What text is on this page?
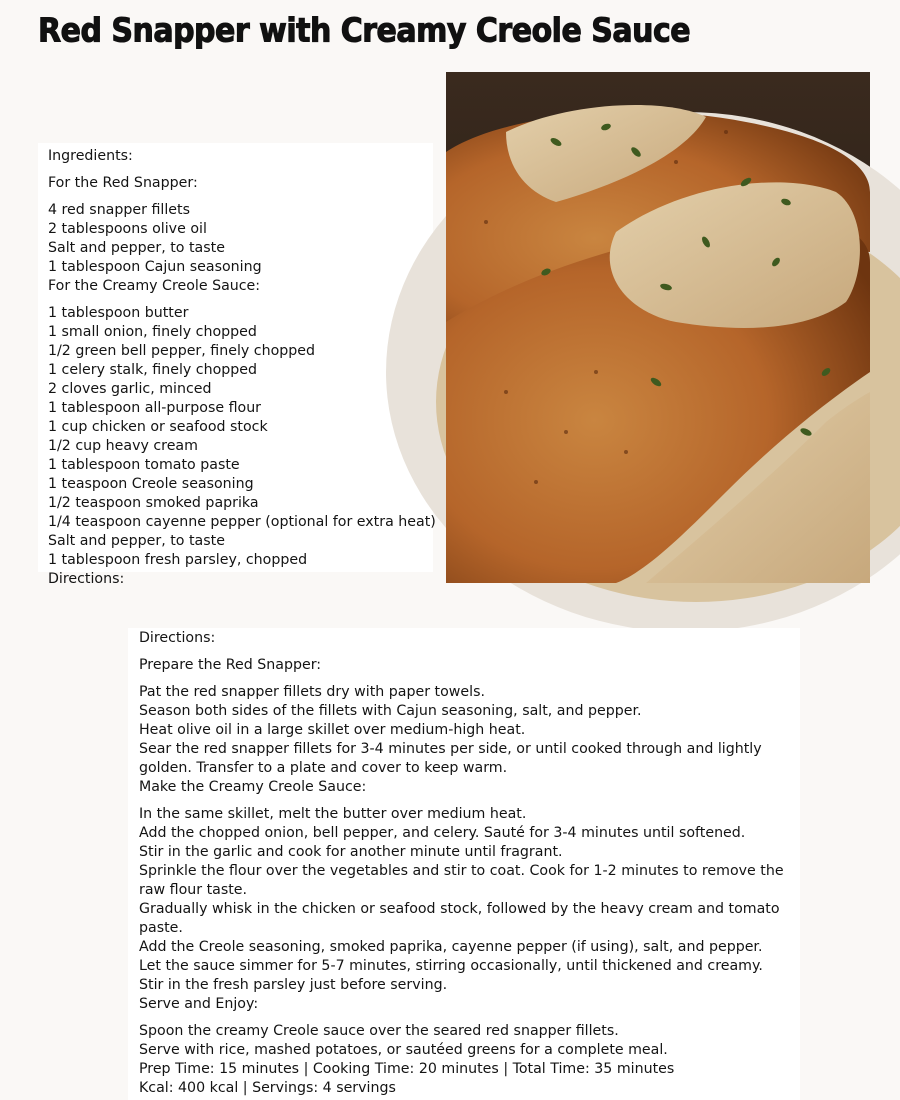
Red Snapper with Creamy Creole Sauce
Ingredients:
For the Red Snapper:
4 red snapper fillets
2 tablespoons olive oil
Salt and pepper, to taste
1 tablespoon Cajun seasoning
For the Creamy Creole Sauce:
1 tablespoon butter
1 small onion, finely chopped
1/2 green bell pepper, finely chopped
1 celery stalk, finely chopped
2 cloves garlic, minced
1 tablespoon all-purpose flour
1 cup chicken or seafood stock
1/2 cup heavy cream
1 tablespoon tomato paste
1 teaspoon Creole seasoning
1/2 teaspoon smoked paprika
1/4 teaspoon cayenne pepper (optional for extra heat)
Salt and pepper, to taste
1 tablespoon fresh parsley, chopped
Directions:
Directions:
Prepare the Red Snapper:
Pat the red snapper fillets dry with paper towels.
Season both sides of the fillets with Cajun seasoning, salt, and pepper.
Heat olive oil in a large skillet over medium-high heat.
Sear the red snapper fillets for 3-4 minutes per side, or until cooked through and lightly golden. Transfer to a plate and cover to keep warm.
Make the Creamy Creole Sauce:
In the same skillet, melt the butter over medium heat.
Add the chopped onion, bell pepper, and celery. Sauté for 3-4 minutes until softened.
Stir in the garlic and cook for another minute until fragrant.
Sprinkle the flour over the vegetables and stir to coat. Cook for 1-2 minutes to remove the raw flour taste.
Gradually whisk in the chicken or seafood stock, followed by the heavy cream and tomato paste.
Add the Creole seasoning, smoked paprika, cayenne pepper (if using), salt, and pepper.
Let the sauce simmer for 5-7 minutes, stirring occasionally, until thickened and creamy.
Stir in the fresh parsley just before serving.
Serve and Enjoy:
Spoon the creamy Creole sauce over the seared red snapper fillets.
Serve with rice, mashed potatoes, or sautéed greens for a complete meal.
Prep Time: 15 minutes | Cooking Time: 20 minutes | Total Time: 35 minutes
Kcal: 400 kcal | Servings: 4 servings
